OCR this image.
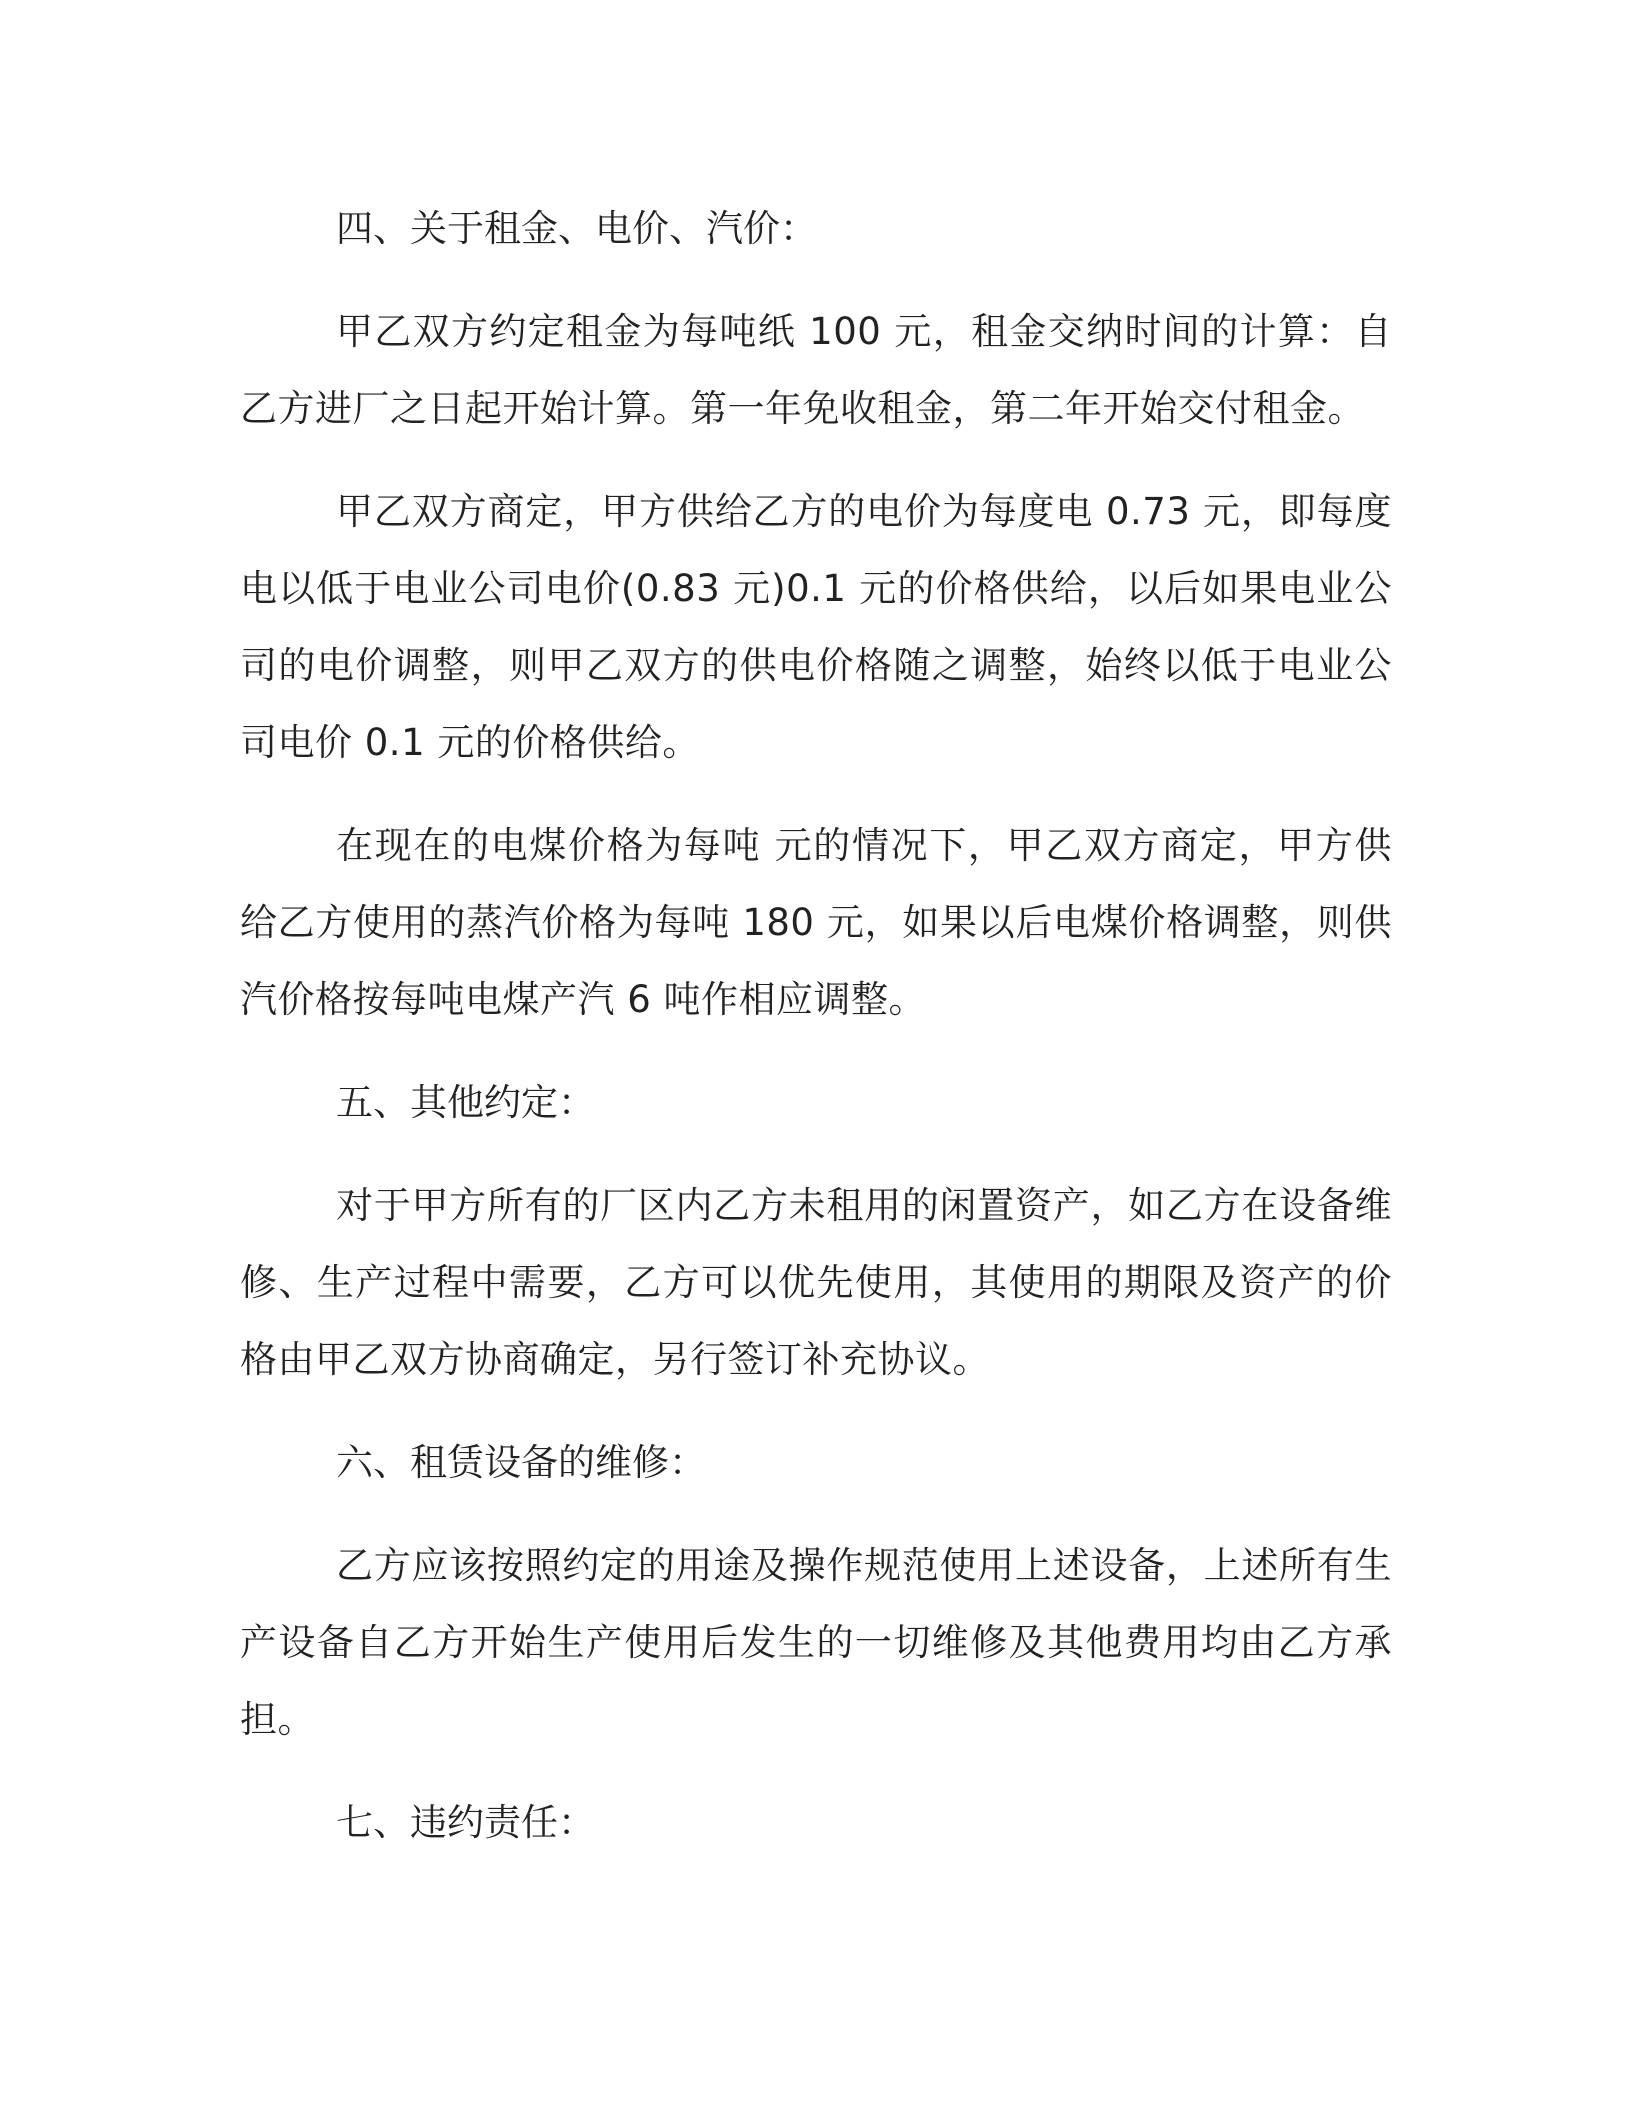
四、关于租金、电价、汽价：

甲乙双方约定租金为每吨纸 100 元，租金交纳时间的计算：自乙方进厂之日起开始计算。第一年免收租金，第二年开始交付租金。

甲乙双方商定，甲方供给乙方的电价为每度电 0.73 元，即每度电以低于电业公司电价(0.83 元)0.1 元的价格供给，以后如果电业公司的电价调整，则甲乙双方的供电价格随之调整，始终以低于电业公司电价 0.1 元的价格供给。

在现在的电煤价格为每吨 元的情况下，甲乙双方商定，甲方供给乙方使用的蒸汽价格为每吨 180 元，如果以后电煤价格调整，则供汽价格按每吨电煤产汽 6 吨作相应调整。

五、其他约定：

对于甲方所有的厂区内乙方未租用的闲置资产，如乙方在设备维修、生产过程中需要，乙方可以优先使用，其使用的期限及资产的价格由甲乙双方协商确定，另行签订补充协议。

六、租赁设备的维修：

乙方应该按照约定的用途及操作规范使用上述设备，上述所有生产设备自乙方开始生产使用后发生的一切维修及其他费用均由乙方承担。

七、违约责任：
